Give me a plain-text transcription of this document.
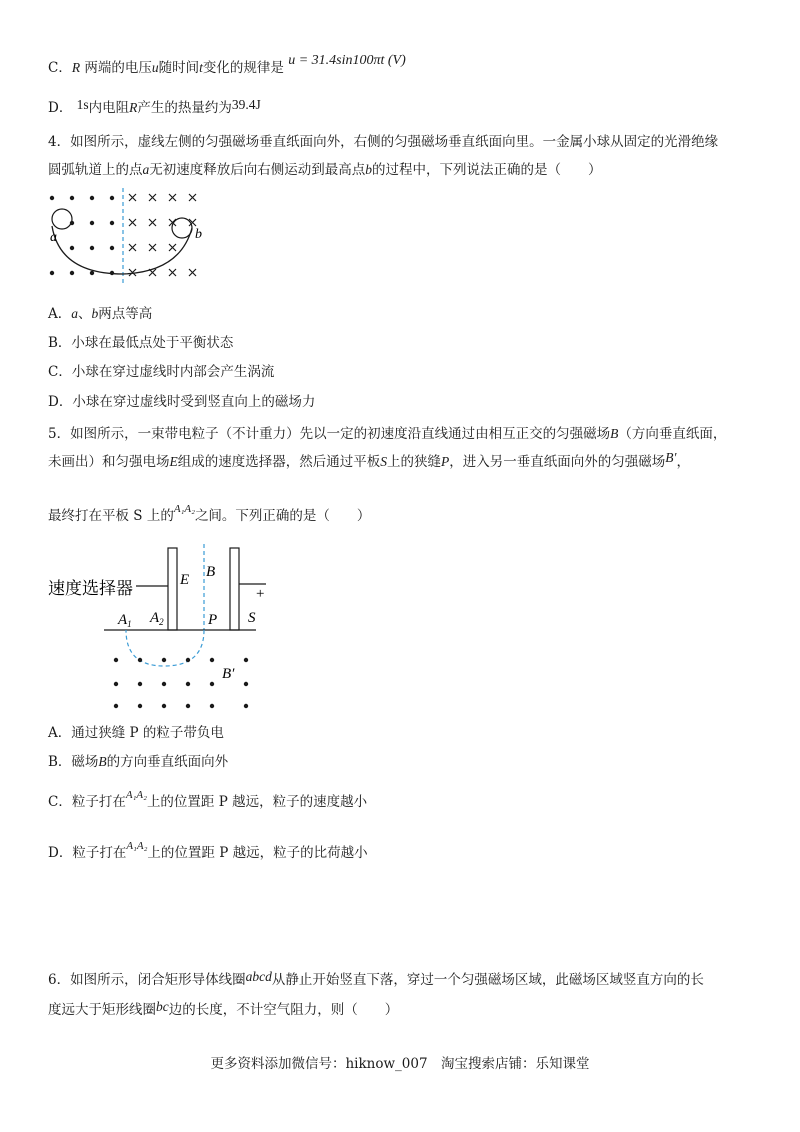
C．R 两端的电压u随时间t变化的规律是 u = 31.4sin100πt (V)
D． 1s内电阻R产生的热量约为39.4J
4．如图所示，虚线左侧的匀强磁场垂直纸面向外，右侧的匀强磁场垂直纸面向里。一金属小球从固定的光滑绝缘
圆弧轨道上的点a无初速度释放后向右侧运动到最高点b的过程中，下列说法正确的是（　　）
a	b
A．a、b两点等高
B．小球在最低点处于平衡状态
C．小球在穿过虚线时内部会产生涡流
D．小球在穿过虚线时受到竖直向上的磁场力
5．如图所示，一束带电粒子（不计重力）先以一定的初速度沿直线通过由相互正交的匀强磁场B（方向垂直纸面，
未画出）和匀强电场E组成的速度选择器，然后通过平板S上的狭缝P，进入另一垂直纸面向外的匀强磁场B′，
最终打在平板 S 上的$^{A_1A_2}$之间。下列正确的是（　　）
速度选择器	+
E B
S
$A_1$ $A_2$	P
B′
A．通过狭缝 P 的粒子带负电
B．磁场B的方向垂直纸面向外
C．粒子打在$^{A_1A_2}$上的位置距 P 越远，粒子的速度越小
D．粒子打在$^{A_1A_2}$上的位置距 P 越远，粒子的比荷越小
6．如图所示，闭合矩形导体线圈abcd从静止开始竖直下落，穿过一个匀强磁场区域，此磁场区域竖直方向的长
度远大于矩形线圈bc边的长度，不计空气阻力，则（　　）
更多资料添加微信号：hiknow_007　淘宝搜索店铺：乐知课堂
